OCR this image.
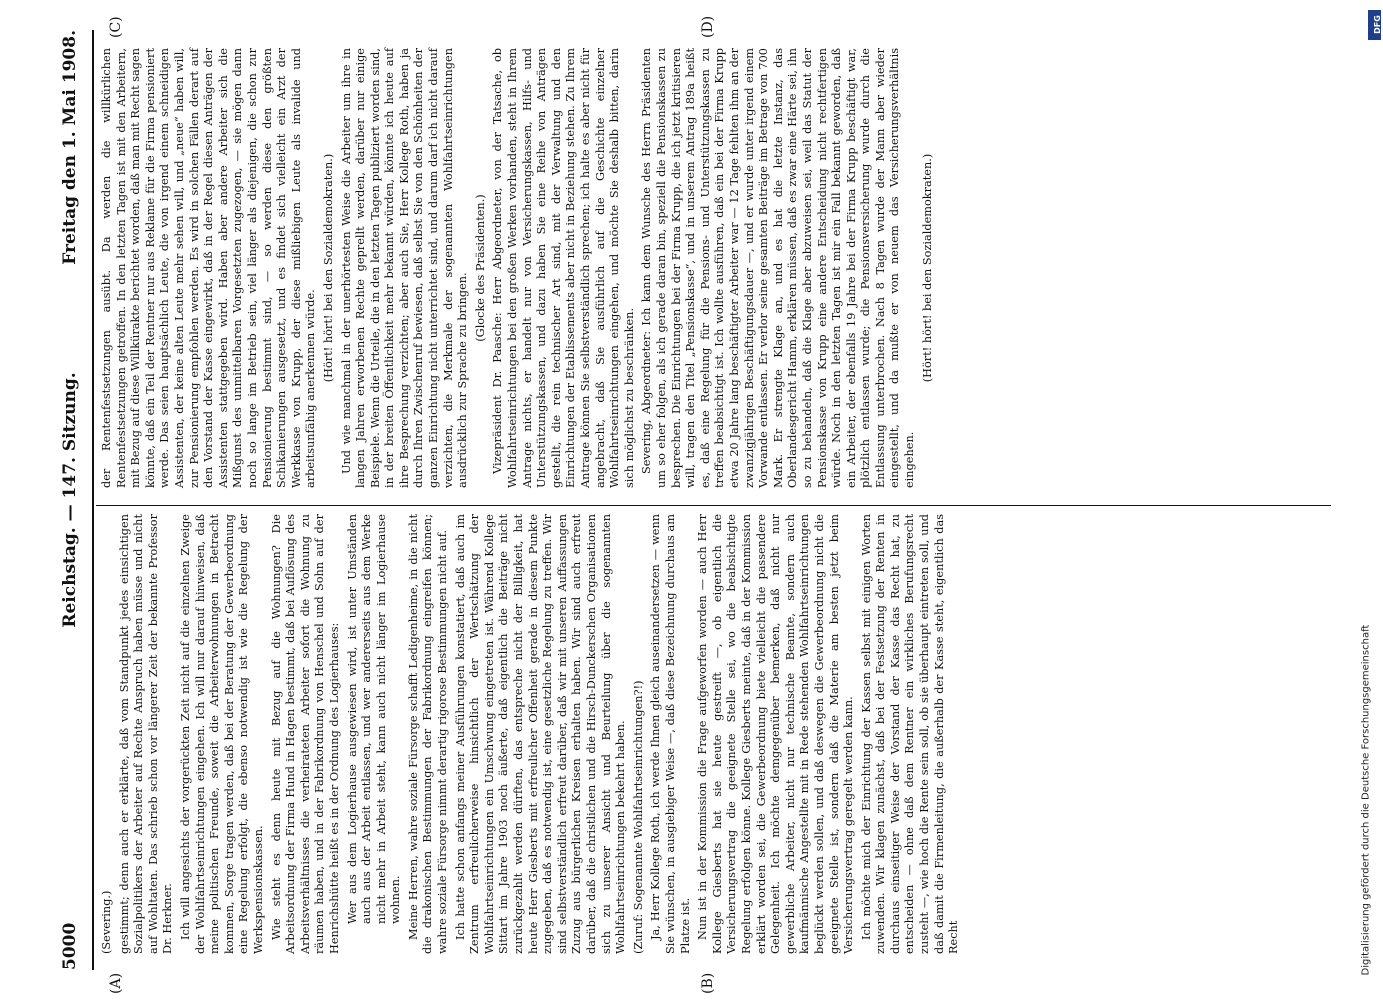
5000
Reichstag. — 147. Sitzung.
Freitag den 1. Mai 1908.
(A)	(B)
(C)	(D)

(Severing.) gestimmt; denn auch er erklärte, daß vom Standpunkt jedes einsichtigen Sozialpolitikers der Arbeiter auf Rechte Anspruch haben müsse und nicht auf Wohltaten. Das schrieb schon vor längerer Zeit der bekannte Professor Dr. Herkner. Ich will angesichts der vorgerückten Zeit nicht auf die einzelnen Zweige der Wohlfahrtseinrichtungen eingehen. Ich will nur darauf hinweisen, daß meine politischen Freunde, soweit die Arbeiterwohnungen in Betracht kommen, Sorge tragen werden, daß bei der Beratung der Gewerbeordnung eine Regelung erfolgt, die ebenso notwendig ist wie die Regelung der Werkspensionskassen. Wie steht es denn heute mit Bezug auf die Wohnungen? Die Arbeitsordnung der Firma Hund in Hagen bestimmt, daß bei Auflösung des Arbeitsverhältnisses die verheirateten Arbeiter sofort die Wohnung zu räumen haben, und in der Fabrikordnung von Henschel und Sohn auf der Henrichshütte heißt es in der Ordnung des Logierhauses: Wer aus dem Logierhause ausgewiesen wird, ist unter Umständen auch aus der Arbeit entlassen, und wer andererseits aus dem Werke nicht mehr in Arbeit steht, kann auch nicht länger im Logierhause wohnen. Meine Herren, wahre soziale Fürsorge schafft Ledigenheime, in die nicht die drakonischen Bestimmungen der Fabrikordnung eingreifen können; wahre soziale Fürsorge nimmt derartig rigorose Bestimmungen nicht auf. Ich hatte schon anfangs meiner Ausführungen konstatiert, daß auch im Zentrum erfreulicherweise hinsichtlich der Wertschätzung der Wohlfahrtseinrichtungen ein Umschwung eingetreten ist. Während Kollege Sittart im Jahre 1903 noch äußerte, daß eigentlich die Beiträge nicht zurückgezahlt werden dürften, das entspreche nicht der Billigkeit, hat heute Herr Giesberts mit erfreulicher Offenheit gerade in diesem Punkte zugegeben, daß es notwendig ist, eine gesetzliche Regelung zu treffen. Wir sind selbstverständlich erfreut darüber, daß wir mit unseren Auffassungen Zuzug aus bürgerlichen Kreisen erhalten haben. Wir sind auch erfreut darüber, daß die christlichen und die Hirsch-Dunckerschen Organisationen sich zu unserer Ansicht und Beurteilung über die sogenannten Wohlfahrtseinrichtungen bekehrt haben. (Zuruf: Sogenannte Wohlfahrtseinrichtungen?!) Ja, Herr Kollege Roth, ich werde Ihnen gleich auseinandersetzen — wenn Sie wünschen, in ausgiebiger Weise —, daß diese Bezeichnung durchaus am Platze ist. Nun ist in der Kommission die Frage aufgeworfen worden — auch Herr Kollege Giesberts hat sie heute gestreift —, ob eigentlich die Versicherungsvertrag die geeignete Stelle sei, wo die beabsichtigte Regelung erfolgen könne. Kollege Giesberts meinte, daß in der Kommission erklärt worden sei, die Gewerbeordnung biete vielleicht die passendere Gelegenheit. Ich möchte demgegenüber bemerken, daß nicht nur gewerbliche Arbeiter, nicht nur technische Beamte, sondern auch kaufmännische Angestellte mit in Rede stehenden Wohlfahrtseinrichtungen beglückt werden sollen, und daß deswegen die Gewerbeordnung nicht die geeignete Stelle ist, sondern daß die Materie am besten jetzt beim Versicherungsvertrag geregelt werden kann. Ich möchte mich der Einrichtung der Kassen selbst mit einigen Worten zuwenden. Wir klagen zunächst, daß bei der Festsetzung der Renten in durchaus einseitiger Weise der Vorstand der Kasse das Recht hat, zu entscheiden — ohne daß dem Rentner ein wirkliches Berufungsrecht zusteht —, wie hoch die Rente sein soll, ob sie überhaupt eintreten soll, und daß damit die Firmenleitung, die außerhalb der Kasse steht, eigentlich das Recht

der Rentenfestsetzungen ausübt. Da werden die willkürlichen Rentenfestsetzungen getroffen. In den letzten Tagen ist mit den Arbeitern, mit Bezug auf diese Willkürakte berichtet worden, daß man mit Recht sagen könnte, daß ein Teil der Rentner nur aus Reklame für die Firma pensioniert werde. Das seien hauptsächlich Leute, die von irgend einem schneidigen Assistenten, der keine alten Leute mehr sehen will, und „neue“ haben will, zur Pensionierung empfohlen werden. Es wird in solchen Fällen derart auf den Vorstand der Kasse eingewirkt, daß in der Regel diesen Anträgen der Assistenten stattgegeben wird. Haben aber andere Arbeiter sich die Mißgunst des unmittelbaren Vorgesetzten zugezogen, — sie mögen dann noch so lange im Betrieb sein, viel länger als diejenigen, die schon zur Pensionierung bestimmt sind, — so werden diese den größten Schikanierungen ausgesetzt, und es findet sich vielleicht ein Arzt der Werkkasse von Krupp, der diese mißliebigen Leute als invalide und arbeitsunfähig anerkennen würde.

(Hört! hört! bei den Sozialdemokraten.) Und wie manchmal in der unerhörtesten Weise die Arbeiter um ihre in langen Jahren erworbenen Rechte geprellt werden, darüber nur einige Beispiele. Wenn die Urteile, die in den letzten Tagen publiziert worden sind, in der breiten Öffentlichkeit mehr bekannt würden, könnte ich heute auf ihre Besprechung verzichten; aber auch Sie, Herr Kollege Roth, haben ja durch Ihren Zwischenruf bewiesen, daß selbst Sie von den Schönheiten der ganzen Einrichtung nicht unterrichtet sind, und darum darf ich nicht darauf verzichten, die Merkmale der sogenannten Wohlfahrtseinrichtungen ausdrücklich zur Sprache zu bringen.

(Glocke des Präsidenten.) Vizepräsident Dr. Paasche: Herr Abgeordneter, von der Tatsache, ob Wohlfahrtseinrichtungen bei den großen Werken vorhanden, steht in Ihrem Antrage nichts, er handelt nur von Versicherungskassen, Hilfs- und Unterstützungskassen, und dazu haben Sie eine Reihe von Anträgen gestellt, die rein technischer Art sind, mit der Verwaltung und den Einrichtungen der Etablissements aber nicht in Beziehung stehen. Zu Ihrem Antrage können Sie selbstverständlich sprechen; ich halte es aber nicht für angebracht, daß Sie ausführlich auf die Geschichte einzelner Wohlfahrtseinrichtungen eingehen, und möchte Sie deshalb bitten, darin sich möglichst zu beschränken. Severing, Abgeordneter: Ich kann dem Wunsche des Herrn Präsidenten um so eher folgen, als ich gerade daran bin, speziell die Pensionskassen zu besprechen. Die Einrichtungen bei der Firma Krupp, die ich jetzt kritisieren will, tragen den Titel „Pensionskasse“, und in unserem Antrag 189a heißt es, daß eine Regelung für die Pensions- und Unterstützungskassen zu treffen beabsichtigt ist. Ich wollte ausführen, daß ein bei der Firma Krupp etwa 20 Jahre lang beschäftigter Arbeiter war — 12 Tage fehlten ihm an der zwanzigjährigen Beschäftigungsdauer —, und er wurde unter irgend einem Vorwande entlassen. Er verlor seine gesamten Beiträge im Betrage von 700 Mark. Er strengte Klage an, und es hat die letzte Instanz, das Oberlandesgericht Hamm, erklären müssen, daß es zwar eine Härte sei, ihn so zu behandeln, daß die Klage aber abzuweisen sei, weil das Statut der Pensionskasse von Krupp eine andere Entscheidung nicht rechtfertigen würde. Noch in den letzten Tagen ist mir ein Fall bekannt geworden, daß ein Arbeiter, der ebenfalls 19 Jahre bei der Firma Krupp beschäftigt war, plötzlich entlassen wurde; die Pensionsversicherung wurde durch die Entlassung unterbrochen. Nach 8 Tagen wurde der Mann aber wieder eingestellt, und da mußte er von neuem das Versicherungsverhältnis eingehen.

(Hört! hört! bei den Sozialdemokraten.)

Digitalisierung gefördert durch die Deutsche Forschungsgemeinschaft
DFG
